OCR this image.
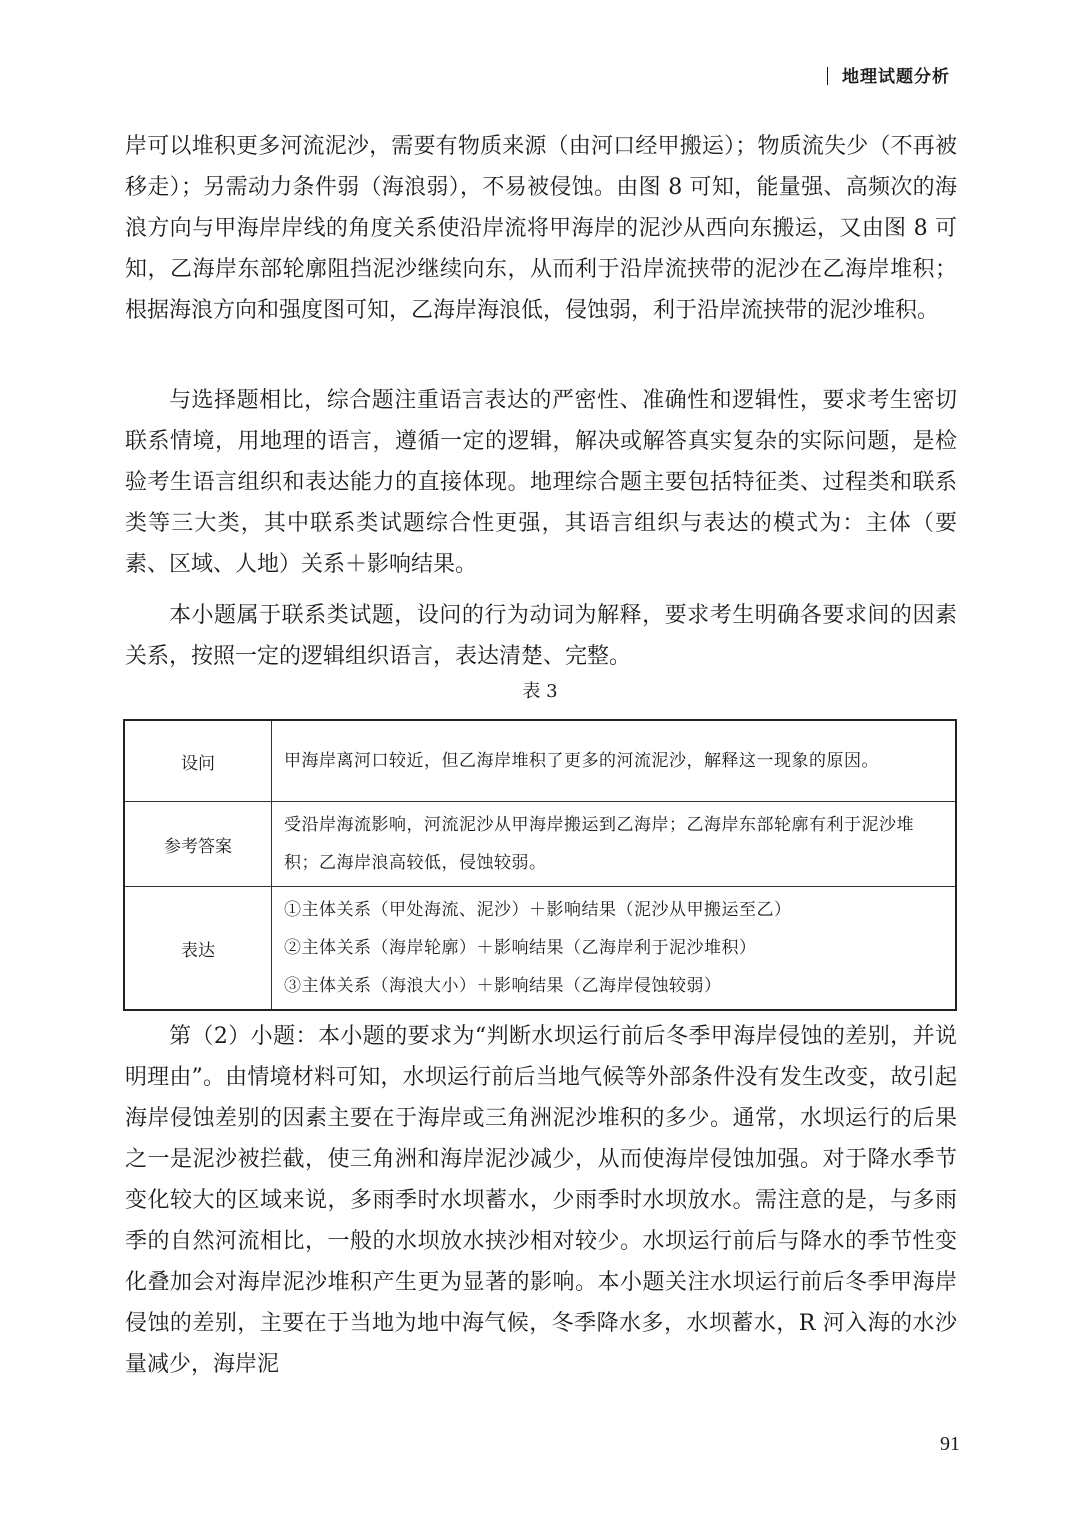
地理试题分析

岸可以堆积更多河流泥沙，需要有物质来源（由河口经甲搬运）；物质流失少（不再被移走）；另需动力条件弱（海浪弱），不易被侵蚀。由图 8 可知，能量强、高频次的海浪方向与甲海岸岸线的角度关系使沿岸流将甲海岸的泥沙从西向东搬运，又由图 8 可知，乙海岸东部轮廓阻挡泥沙继续向东，从而利于沿岸流挟带的泥沙在乙海岸堆积；根据海浪方向和强度图可知，乙海岸海浪低，侵蚀弱，利于沿岸流挟带的泥沙堆积。

与选择题相比，综合题注重语言表达的严密性、准确性和逻辑性，要求考生密切联系情境，用地理的语言，遵循一定的逻辑，解决或解答真实复杂的实际问题，是检验考生语言组织和表达能力的直接体现。地理综合题主要包括特征类、过程类和联系类等三大类，其中联系类试题综合性更强，其语言组织与表达的模式为：主体（要素、区域、人地）关系＋影响结果。

本小题属于联系类试题，设问的行为动词为解释，要求考生明确各要求间的因素关系，按照一定的逻辑组织语言，表达清楚、完整。

表 3
设问	甲海岸离河口较近，但乙海岸堆积了更多的河流泥沙，解释这一现象的原因。
参考答案	受沿岸海流影响，河流泥沙从甲海岸搬运到乙海岸；乙海岸东部轮廓有利于泥沙堆积；乙海岸浪高较低，侵蚀较弱。
表达	①主体关系（甲处海流、泥沙）＋影响结果（泥沙从甲搬运至乙）
②主体关系（海岸轮廓）＋影响结果（乙海岸利于泥沙堆积）
③主体关系（海浪大小）＋影响结果（乙海岸侵蚀较弱）

第（2）小题：本小题的要求为“判断水坝运行前后冬季甲海岸侵蚀的差别，并说明理由”。由情境材料可知，水坝运行前后当地气候等外部条件没有发生改变，故引起海岸侵蚀差别的因素主要在于海岸或三角洲泥沙堆积的多少。通常，水坝运行的后果之一是泥沙被拦截，使三角洲和海岸泥沙减少，从而使海岸侵蚀加强。对于降水季节变化较大的区域来说，多雨季时水坝蓄水，少雨季时水坝放水。需注意的是，与多雨季的自然河流相比，一般的水坝放水挟沙相对较少。水坝运行前后与降水的季节性变化叠加会对海岸泥沙堆积产生更为显著的影响。本小题关注水坝运行前后冬季甲海岸侵蚀的差别，主要在于当地为地中海气候，冬季降水多，水坝蓄水，R 河入海的水沙量减少，海岸泥

91
